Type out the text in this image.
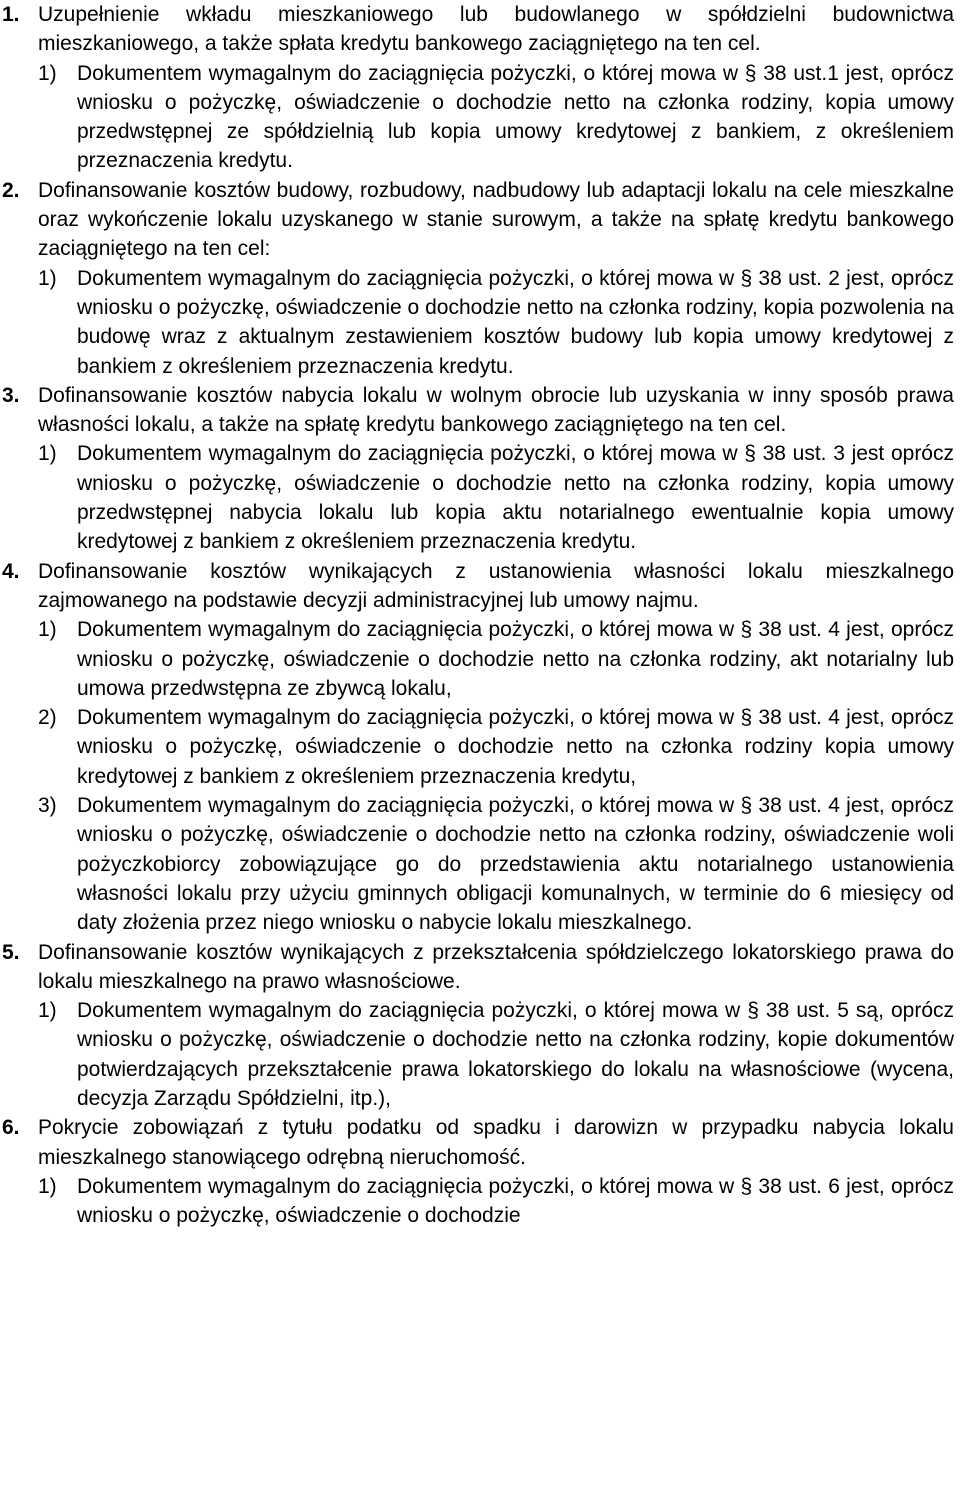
1. Uzupełnienie wkładu mieszkaniowego lub budowlanego w spółdzielni budownictwa mieszkaniowego, a także spłata kredytu bankowego zaciągniętego na ten cel.
1) Dokumentem wymagalnym do zaciągnięcia pożyczki, o której mowa w § 38 ust.1 jest, oprócz wniosku o pożyczkę, oświadczenie o dochodzie netto na członka rodziny, kopia umowy przedwstępnej ze spółdzielnią lub kopia umowy kredytowej z bankiem, z określeniem przeznaczenia kredytu.
2. Dofinansowanie kosztów budowy, rozbudowy, nadbudowy lub adaptacji lokalu na cele mieszkalne oraz wykończenie lokalu uzyskanego w stanie surowym, a także na spłatę kredytu bankowego zaciągniętego na ten cel:
1) Dokumentem wymagalnym do zaciągnięcia pożyczki, o której mowa w § 38 ust. 2 jest, oprócz wniosku o pożyczkę, oświadczenie o dochodzie netto na członka rodziny, kopia pozwolenia na budowę wraz z aktualnym zestawieniem kosztów budowy lub kopia umowy kredytowej z bankiem z określeniem przeznaczenia kredytu.
3. Dofinansowanie kosztów nabycia lokalu w wolnym obrocie lub uzyskania w inny sposób prawa własności lokalu, a także na spłatę kredytu bankowego zaciągniętego na ten cel.
1) Dokumentem wymagalnym do zaciągnięcia pożyczki, o której mowa w § 38 ust. 3 jest oprócz wniosku o pożyczkę, oświadczenie o dochodzie netto na członka rodziny, kopia umowy przedwstępnej nabycia lokalu lub kopia aktu notarialnego ewentualnie kopia umowy kredytowej z bankiem z określeniem przeznaczenia kredytu.
4. Dofinansowanie kosztów wynikających z ustanowienia własności lokalu mieszkalnego zajmowanego na podstawie decyzji administracyjnej lub umowy najmu.
1) Dokumentem wymagalnym do zaciągnięcia pożyczki, o której mowa w § 38 ust. 4 jest, oprócz wniosku o pożyczkę, oświadczenie o dochodzie netto na członka rodziny, akt notarialny lub umowa przedwstępna ze zbywcą lokalu,
2) Dokumentem wymagalnym do zaciągnięcia pożyczki, o której mowa w § 38 ust. 4 jest, oprócz wniosku o pożyczkę, oświadczenie o dochodzie netto na członka rodziny kopia umowy kredytowej z bankiem z określeniem przeznaczenia kredytu,
3) Dokumentem wymagalnym do zaciągnięcia pożyczki, o której mowa w § 38 ust. 4 jest, oprócz wniosku o pożyczkę, oświadczenie o dochodzie netto na członka rodziny, oświadczenie woli pożyczkobiorcy zobowiązujące go do przedstawienia aktu notarialnego ustanowienia własności lokalu przy użyciu gminnych obligacji komunalnych, w terminie do 6 miesięcy od daty złożenia przez niego wniosku o nabycie lokalu mieszkalnego.
5. Dofinansowanie kosztów wynikających z przekształcenia spółdzielczego lokatorskiego prawa do lokalu mieszkalnego na prawo własnościowe.
1) Dokumentem wymagalnym do zaciągnięcia pożyczki, o której mowa w § 38 ust. 5 są, oprócz wniosku o pożyczkę, oświadczenie o dochodzie netto na członka rodziny, kopie dokumentów potwierdzających przekształcenie prawa lokatorskiego do lokalu na własnościowe (wycena, decyzja Zarządu Spółdzielni, itp.),
6. Pokrycie zobowiązań z tytułu podatku od spadku i darowizn w przypadku nabycia lokalu mieszkalnego stanowiącego odrębną nieruchomość.
1) Dokumentem wymagalnym do zaciągnięcia pożyczki, o której mowa w § 38 ust. 6 jest, oprócz wniosku o pożyczkę, oświadczenie o dochodzie
